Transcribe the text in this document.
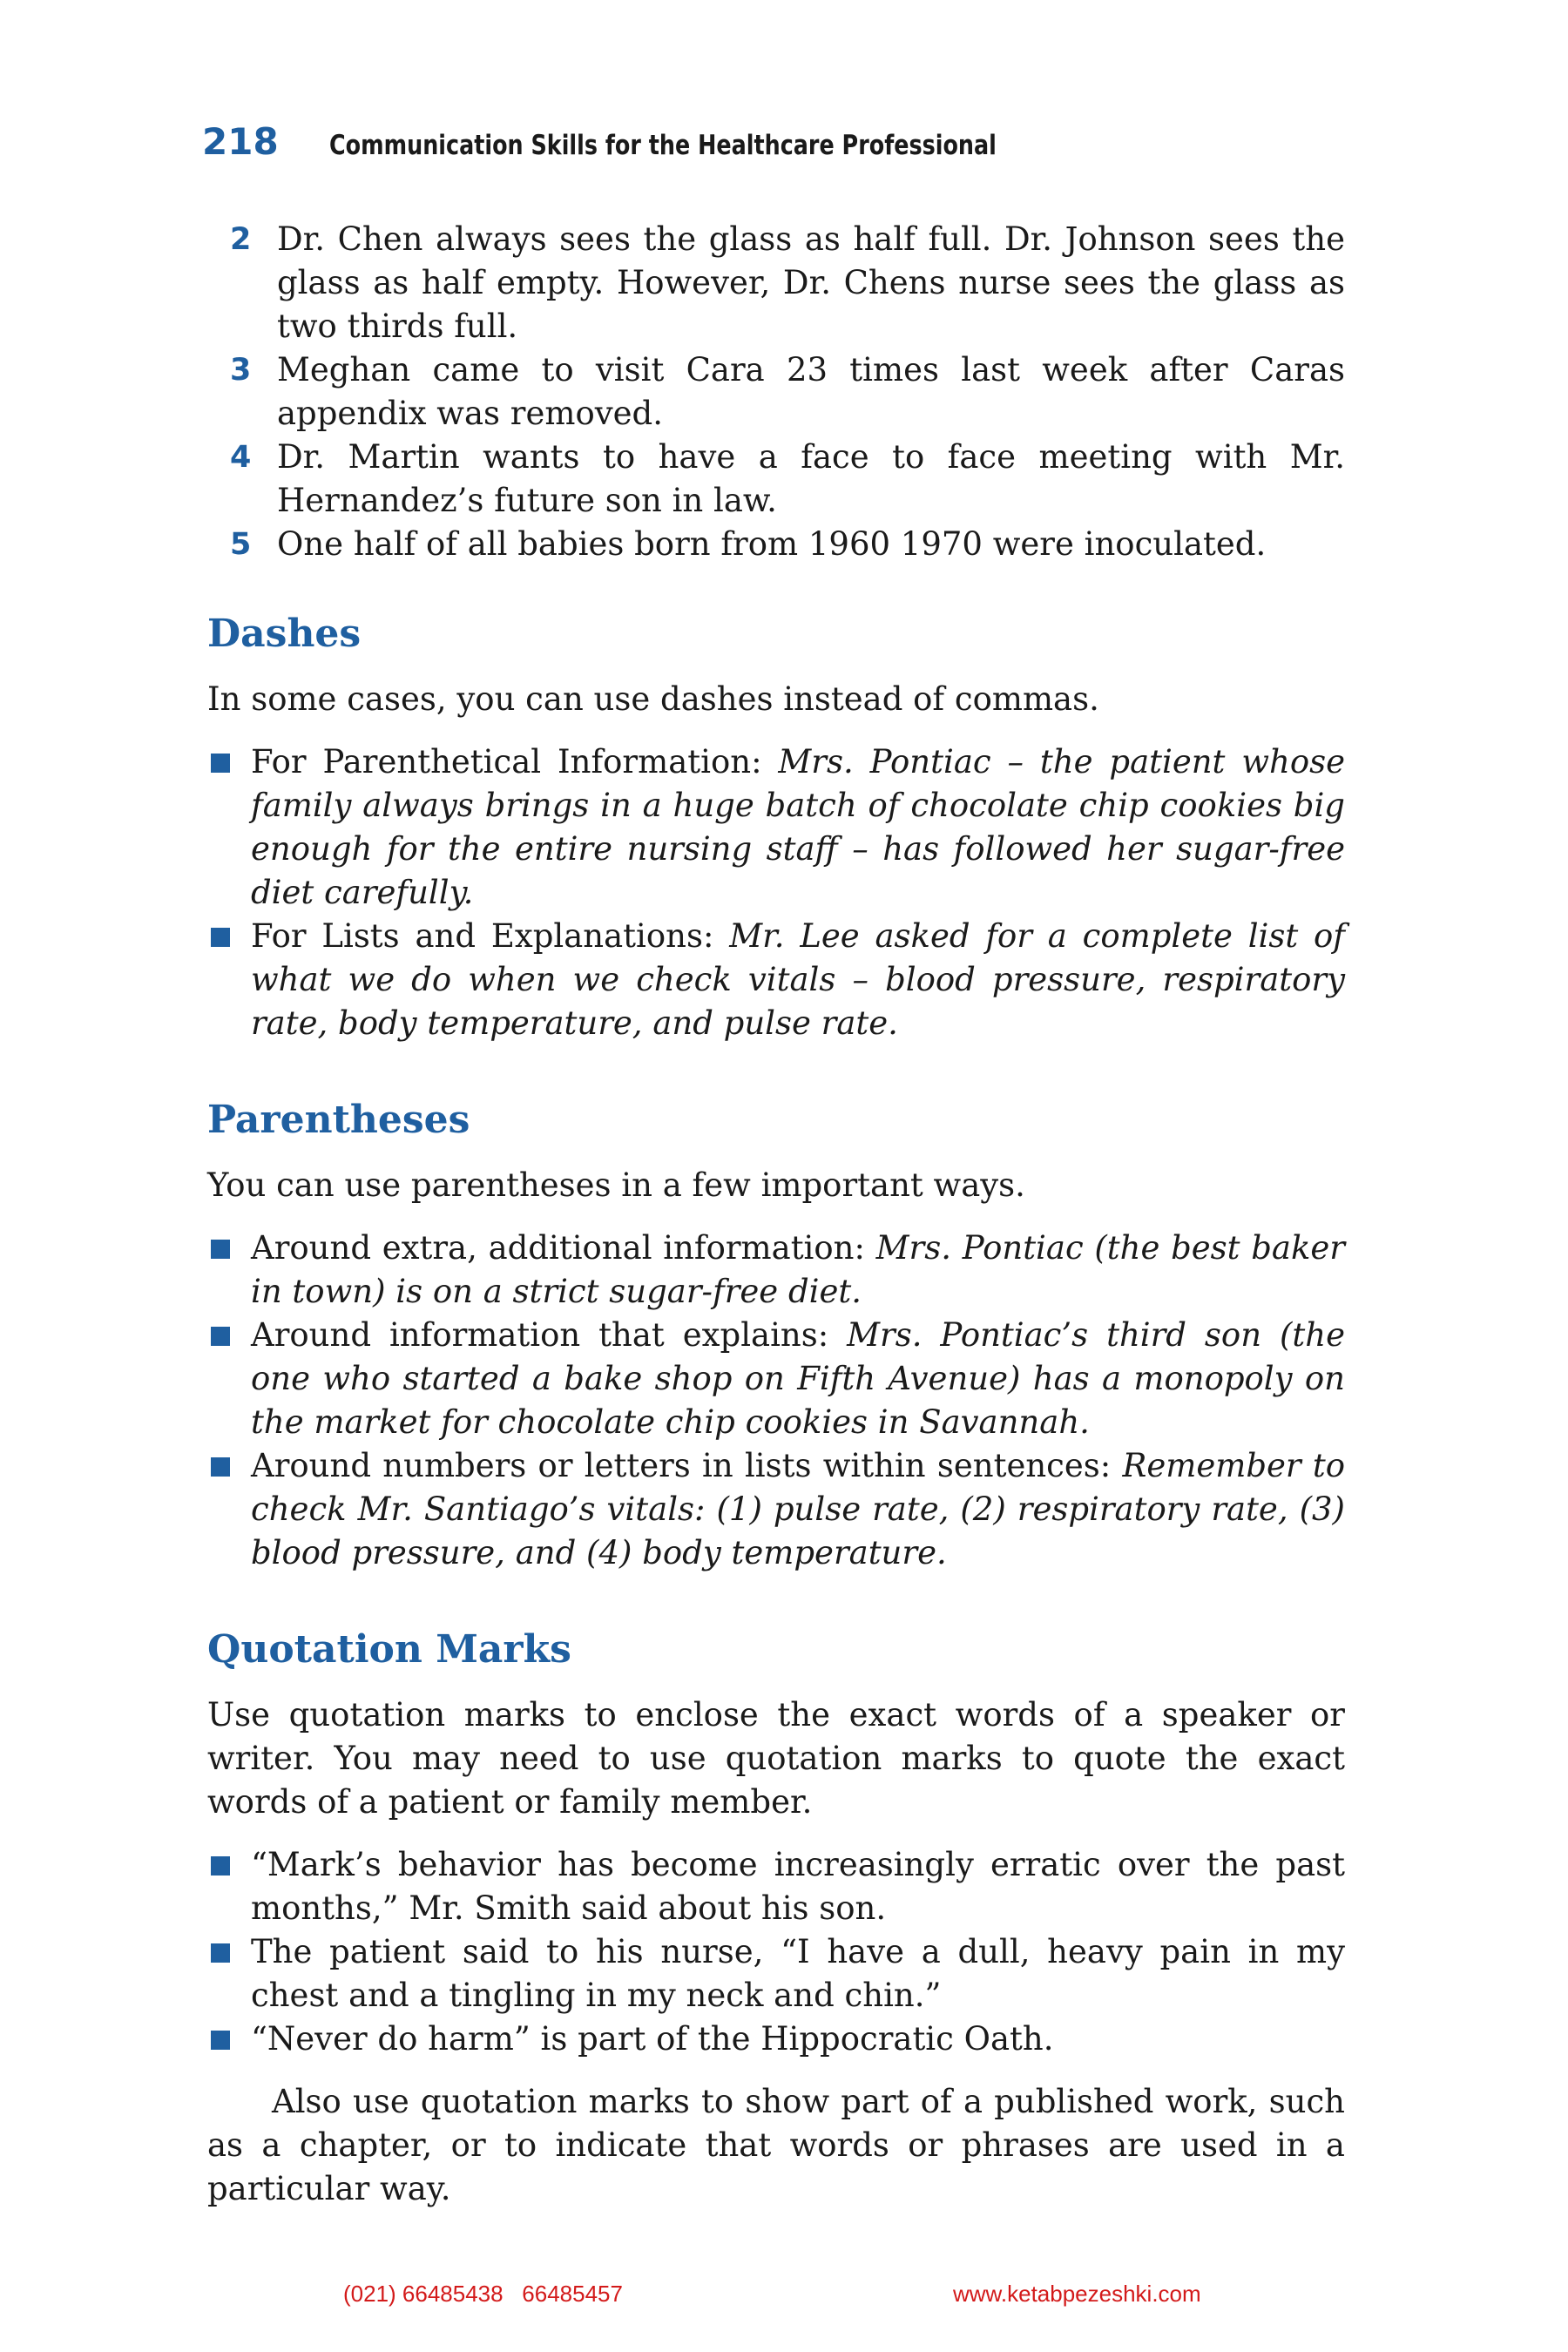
218 Communication Skills for the Healthcare Professional
2 Dr. Chen always sees the glass as half full. Dr. Johnson sees the glass as half empty. However, Dr. Chens nurse sees the glass as two thirds full.
3 Meghan came to visit Cara 23 times last week after Caras appendix was removed.
4 Dr. Martin wants to have a face to face meeting with Mr. Hernandez’s future son in law.
5 One half of all babies born from 1960 1970 were inoculated.
Dashes

In some cases, you can use dashes instead of commas.

For Parenthetical Information: Mrs. Pontiac – the patient whose family always brings in a huge batch of chocolate chip cookies big enough for the entire nursing staff – has followed her sugar-free diet carefully.
For Lists and Explanations: Mr. Lee asked for a complete list of what we do when we check vitals – blood pressure, respiratory rate, body temperature, and pulse rate.
Parentheses

You can use parentheses in a few important ways.

Around extra, additional information: Mrs. Pontiac (the best baker in town) is on a strict sugar-free diet.
Around information that explains: Mrs. Pontiac’s third son (the one who started a bake shop on Fifth Avenue) has a monopoly on the market for chocolate chip cookies in Savannah.
Around numbers or letters in lists within sentences: Remember to check Mr. Santiago’s vitals: (1) pulse rate, (2) respiratory rate, (3) blood pressure, and (4) body temperature.
Quotation Marks

Use quotation marks to enclose the exact words of a speaker or writer. You may need to use quotation marks to quote the exact words of a patient or family member.

“Mark’s behavior has become increasingly erratic over the past months,” Mr. Smith said about his son.
The patient said to his nurse, “I have a dull, heavy pain in my chest and a tingling in my neck and chin.”
“Never do harm” is part of the Hippocratic Oath.

Also use quotation marks to show part of a published work, such as a chapter, or to indicate that words or phrases are used in a particular way.

(021) 66485438   66485457	www.ketabpezeshki.com
